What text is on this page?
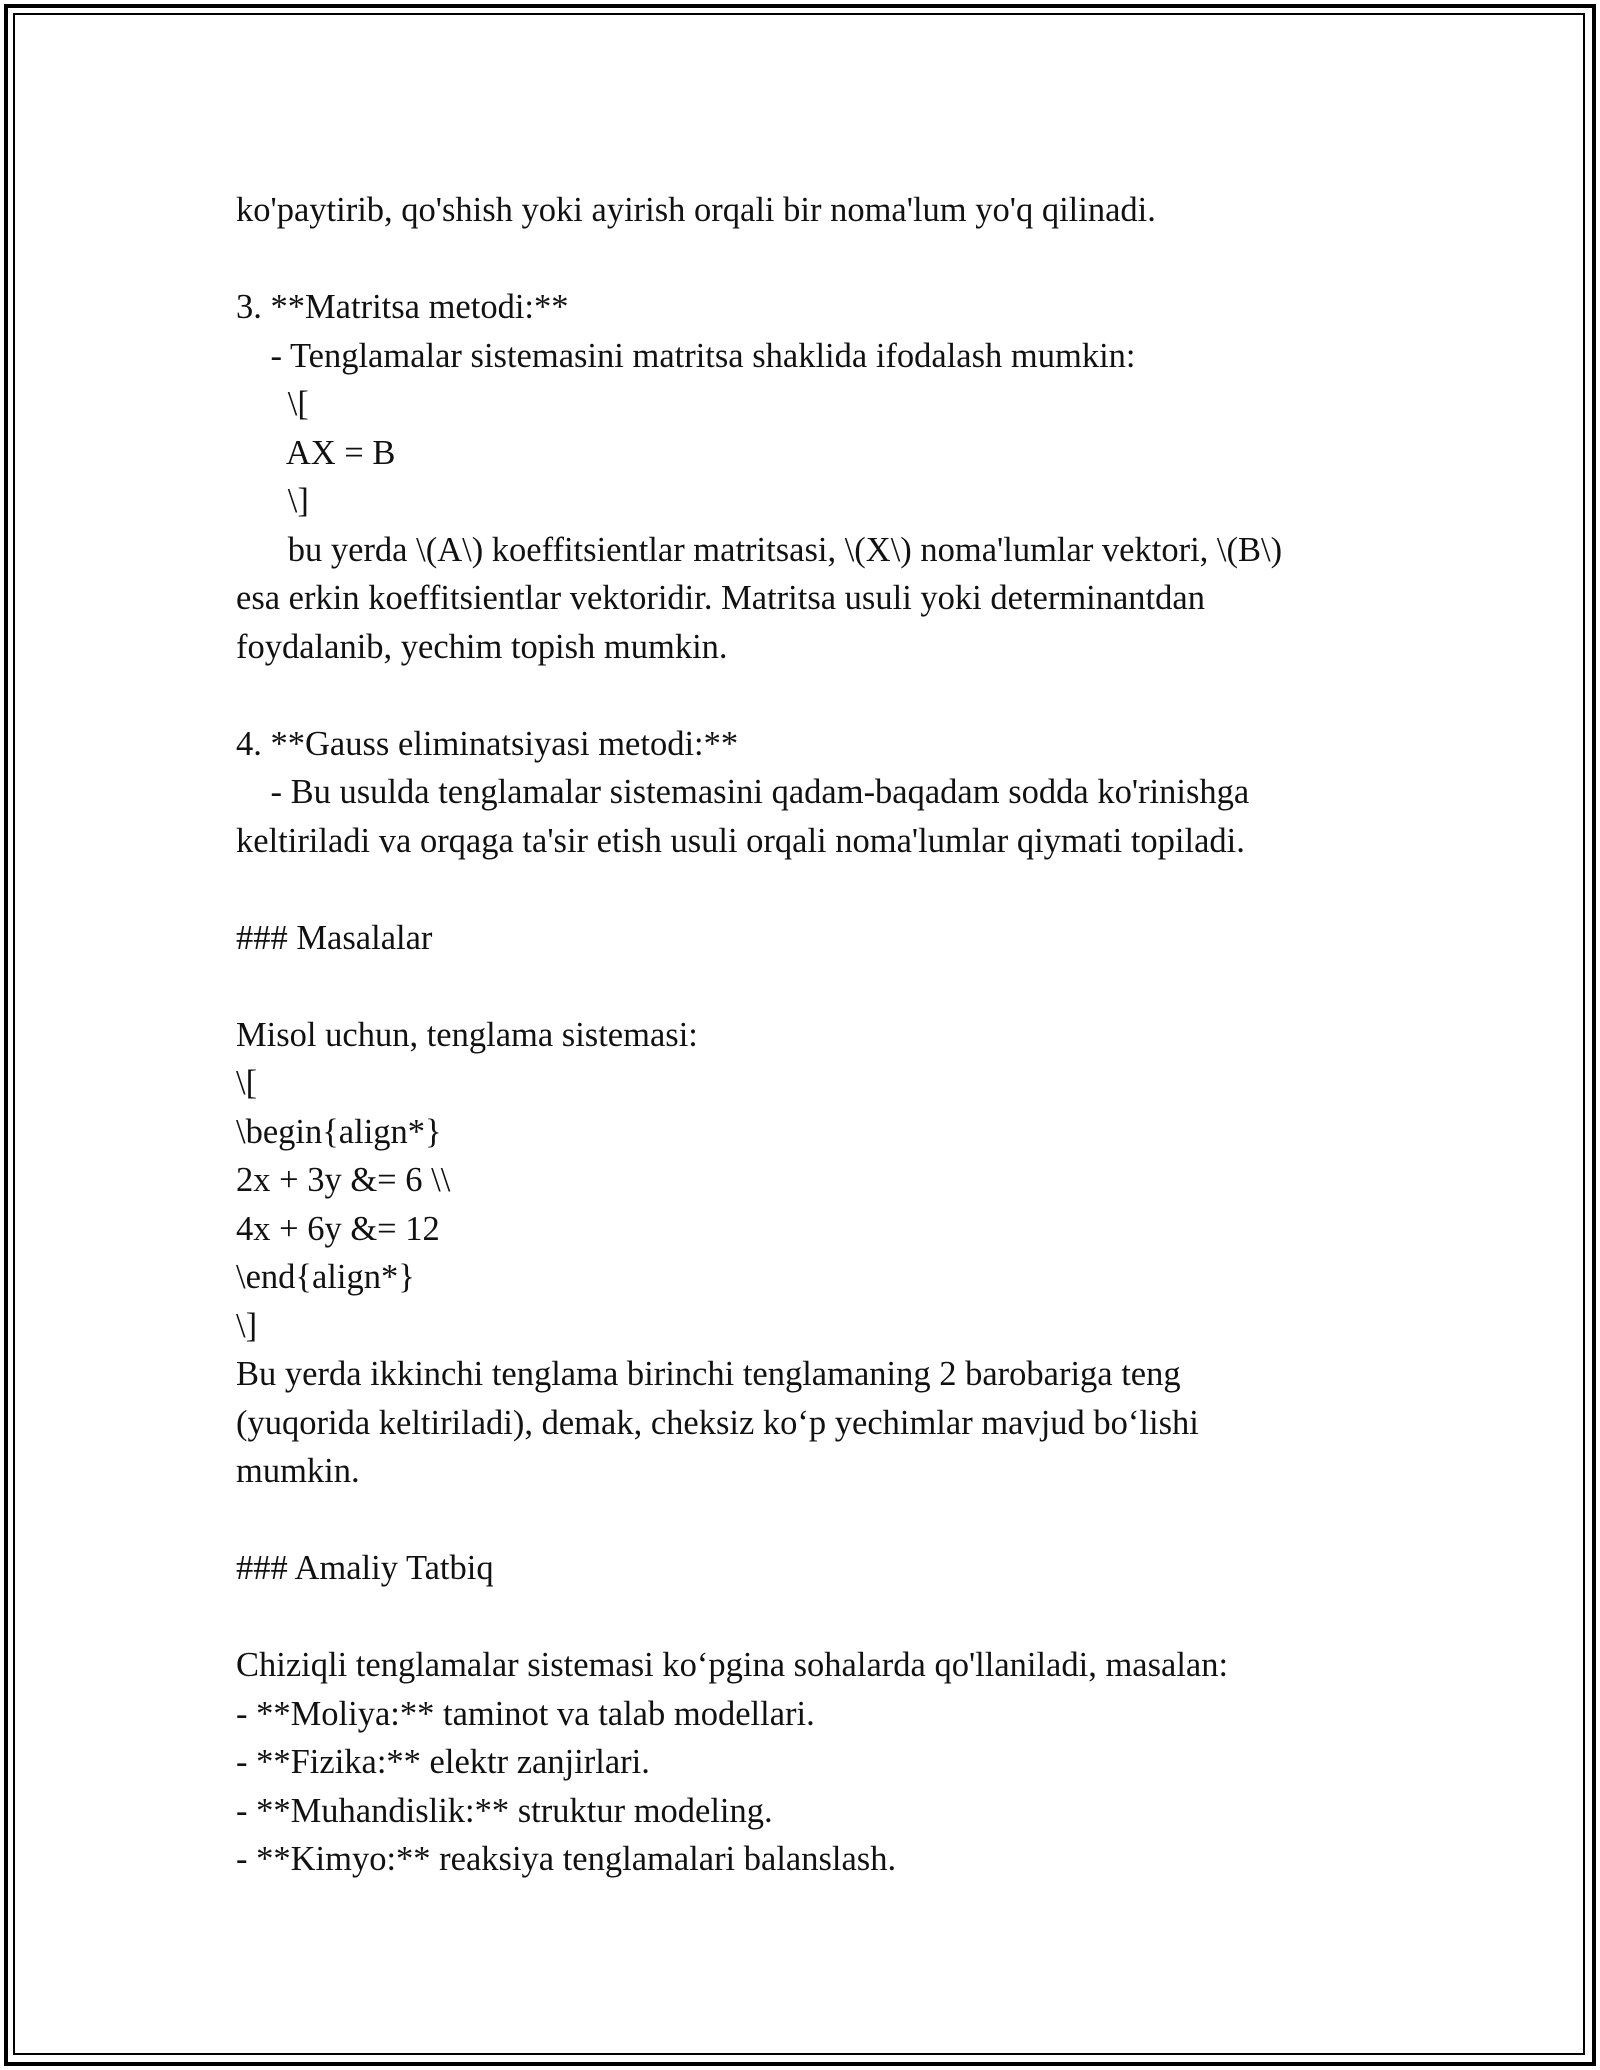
ko'paytirib, qo'shish yoki ayirish orqali bir noma'lum yo'q qilinadi.
3. **Matritsa metodi:**
- Tenglamalar sistemasini matritsa shaklida ifodalash mumkin:
\[
AX = B
\]
bu yerda \(A\) koeffitsientlar matritsasi, \(X\) noma'lumlar vektori, \(B\)
esa erkin koeffitsientlar vektoridir. Matritsa usuli yoki determinantdan
foydalanib, yechim topish mumkin.
4. **Gauss eliminatsiyasi metodi:**
- Bu usulda tenglamalar sistemasini qadam-baqadam sodda ko'rinishga
keltiriladi va orqaga ta'sir etish usuli orqali noma'lumlar qiymati topiladi.
### Masalalar
Misol uchun, tenglama sistemasi:
\[
\begin{align*}
2x + 3y &= 6 \\
4x + 6y &= 12
\end{align*}
\]
Bu yerda ikkinchi tenglama birinchi tenglamaning 2 barobariga teng
(yuqorida keltiriladi), demak, cheksiz ko‘p yechimlar mavjud bo‘lishi
mumkin.
### Amaliy Tatbiq
Chiziqli tenglamalar sistemasi ko‘pgina sohalarda qo'llaniladi, masalan:
- **Moliya:** taminot va talab modellari.
- **Fizika:** elektr zanjirlari.
- **Muhandislik:** struktur modeling.
- **Kimyo:** reaksiya tenglamalari balanslash.
